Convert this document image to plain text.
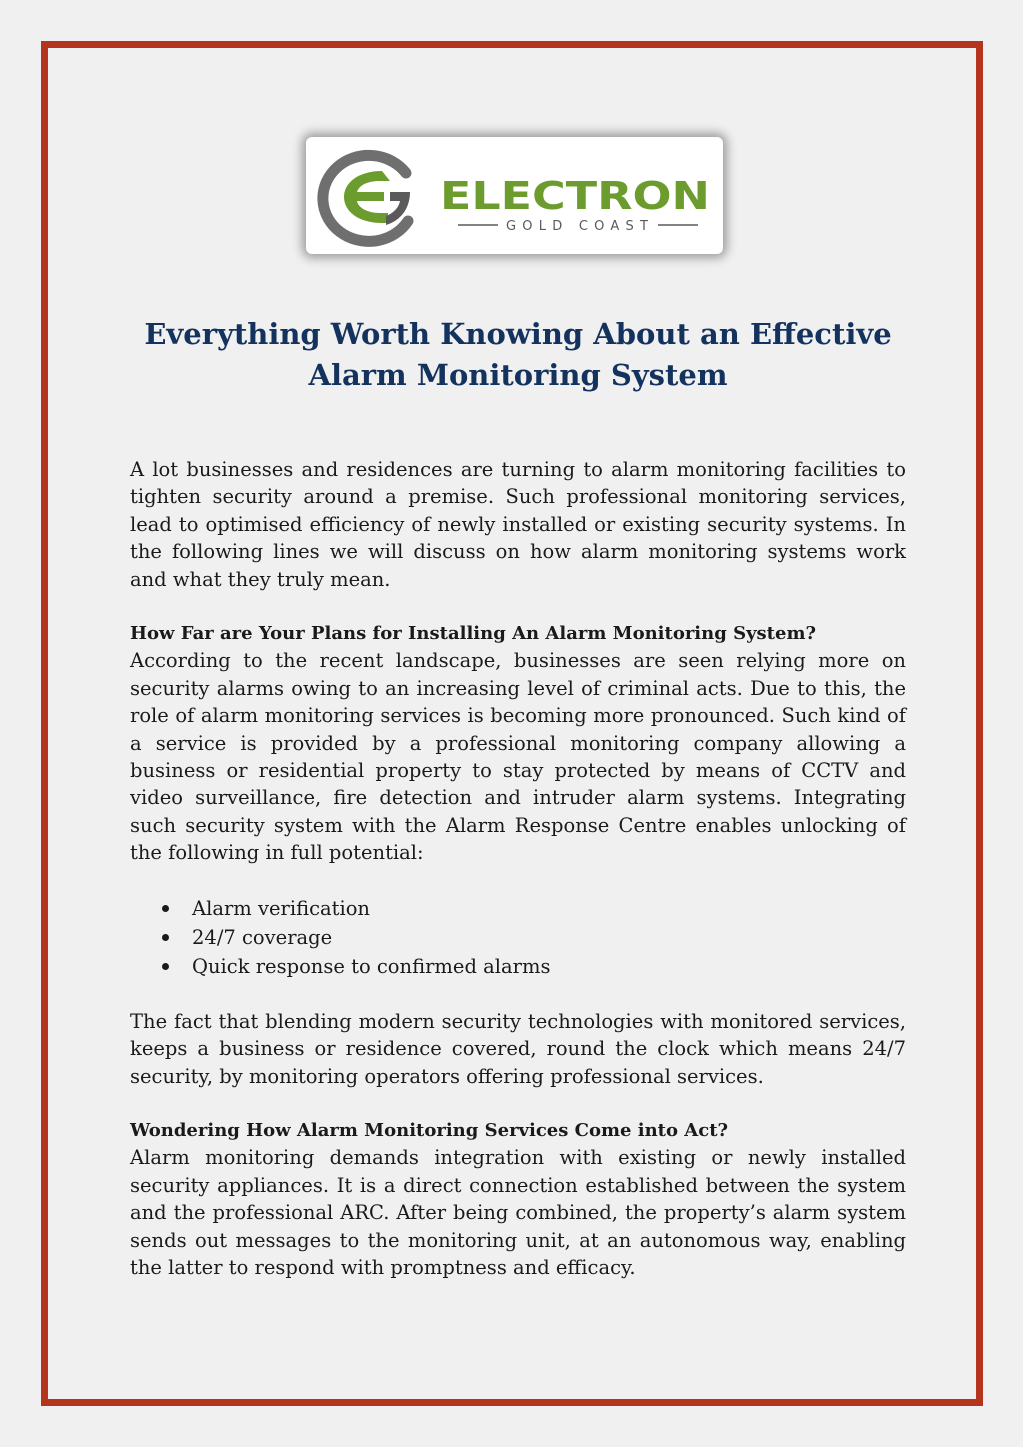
ELECTRON
GOLD COAST
Everything Worth Knowing About an Effective
Alarm Monitoring System

A lot businesses and residences are turning to alarm monitoring facilities to tighten security around a premise. Such professional monitoring services, lead to optimised efficiency of newly installed or existing security systems. In the following lines we will discuss on how alarm monitoring systems work and what they truly mean.

How Far are Your Plans for Installing An Alarm Monitoring System?

According to the recent landscape, businesses are seen relying more on security alarms owing to an increasing level of criminal acts. Due to this, the role of alarm monitoring services is becoming more pronounced. Such kind of a service is provided by a professional monitoring company allowing a business or residential property to stay protected by means of CCTV and video surveillance, fire detection and intruder alarm systems. Integrating such security system with the Alarm Response Centre enables unlocking of the following in full potential:

Alarm verification
24/7 coverage
Quick response to confirmed alarms

The fact that blending modern security technologies with monitored services, keeps a business or residence covered, round the clock which means 24/7 security, by monitoring operators offering professional services.

Wondering How Alarm Monitoring Services Come into Act?

Alarm monitoring demands integration with existing or newly installed security appliances. It is a direct connection established between the system and the professional ARC. After being combined, the property’s alarm system sends out messages to the monitoring unit, at an autonomous way, enabling the latter to respond with promptness and efficacy.
